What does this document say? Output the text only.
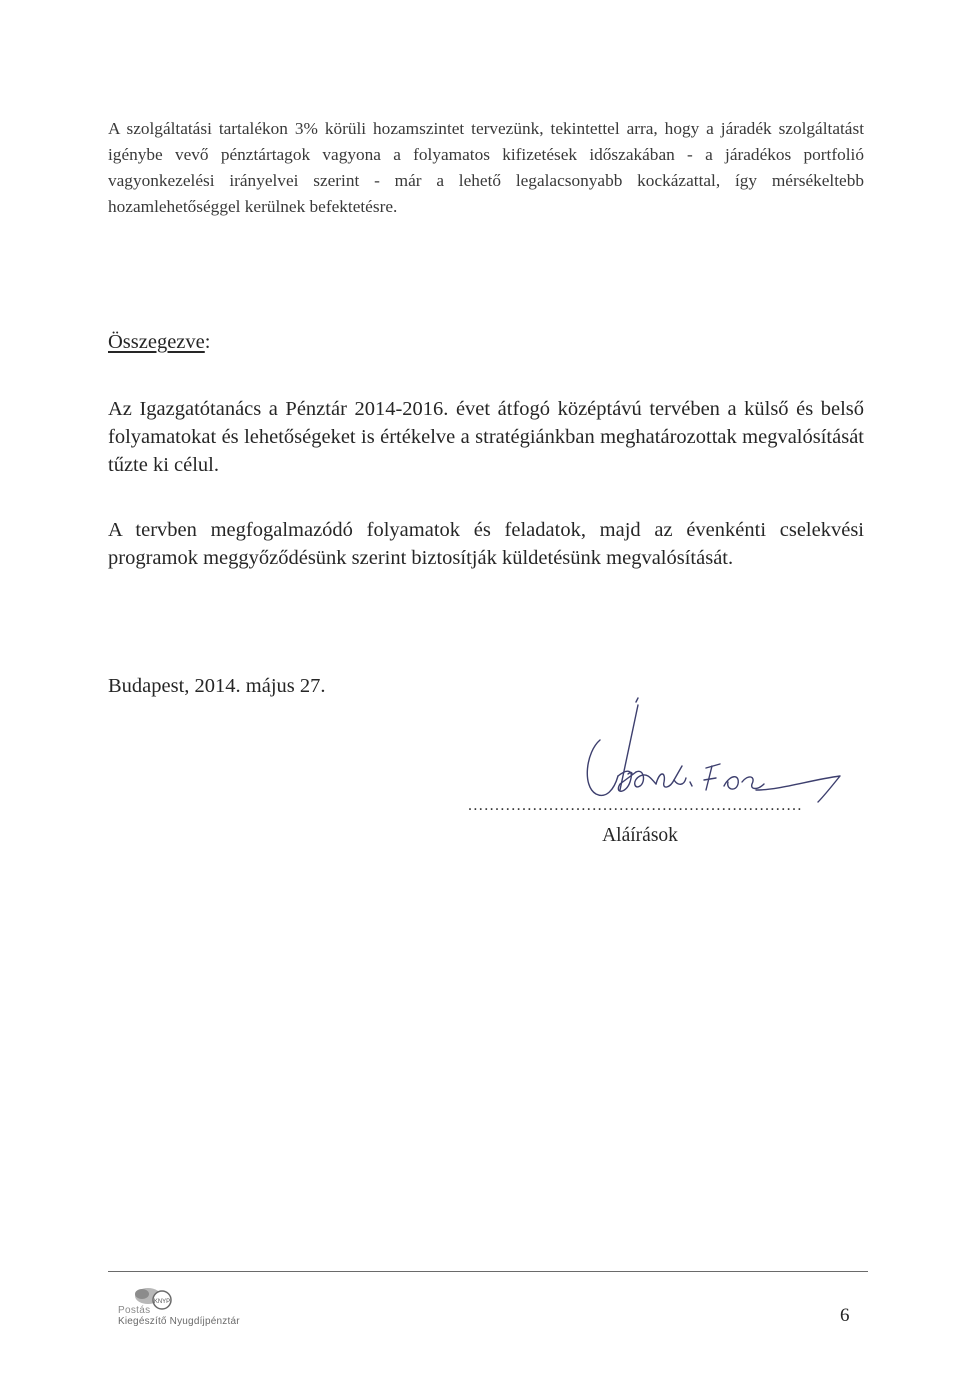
A szolgáltatási tartalékon 3% körüli hozamszintet tervezünk, tekintettel arra, hogy a járadék szolgáltatást igénybe vevő pénztártagok vagyona a folyamatos kifizetések időszakában - a járadékos portfolió vagyonkezelési irányelvei szerint - már a lehető legalacsonyabb kockázattal, így mérsékeltebb hozamlehetőséggel kerülnek befektetésre.

Összegezve:

Az Igazgatótanács a Pénztár 2014-2016. évet átfogó középtávú tervében a külső és belső folyamatokat és lehetőségeket is értékelve a stratégiánkban meghatározottak megvalósítását tűzte ki célul.

A tervben megfogalmazódó folyamatok és feladatok, majd az évenkénti cselekvési programok meggyőződésünk szerint biztosítják küldetésünk megvalósítását.

Budapest, 2014. május 27.
..............................................................
Aláírások
KNYP
Postás
Kiegészítő Nyugdíjpénztár	6
